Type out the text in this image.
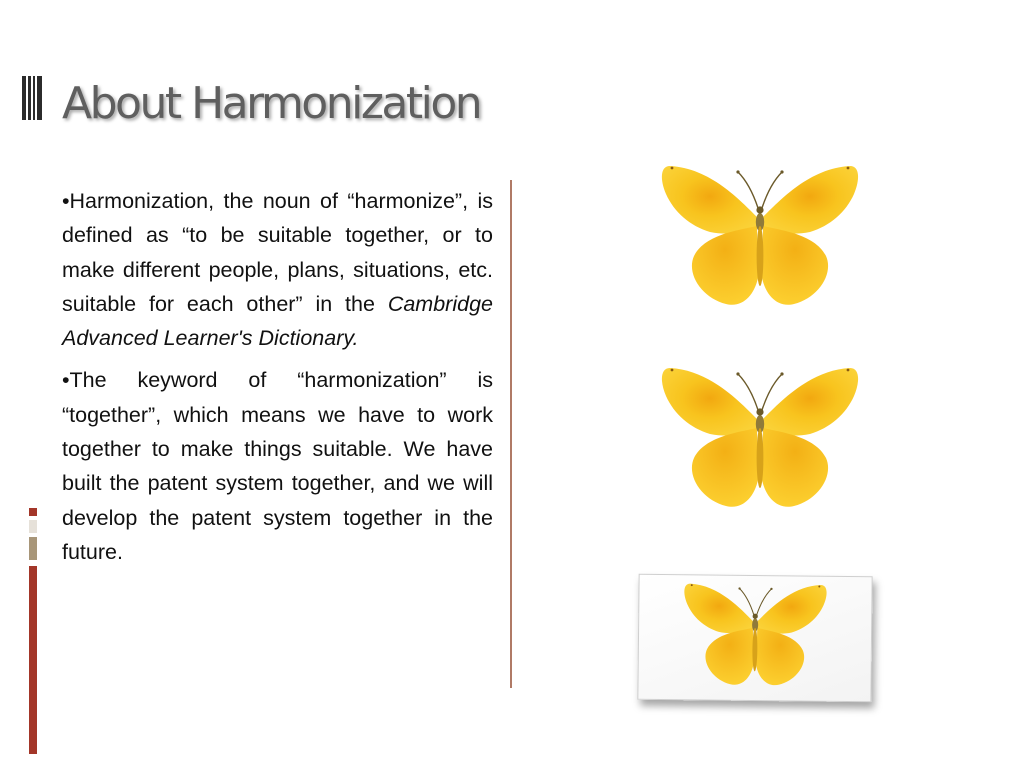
About Harmonization

•Harmonization, the noun of “harmonize”, is defined as “to be suitable together, or to make different people, plans, situations, etc. suitable for each other” in the Cambridge Advanced Learner's Dictionary.

•The keyword of “harmonization” is “together”, which means we have to work together to make things suitable. We have built the patent system together, and we will develop the patent system together in the future.
